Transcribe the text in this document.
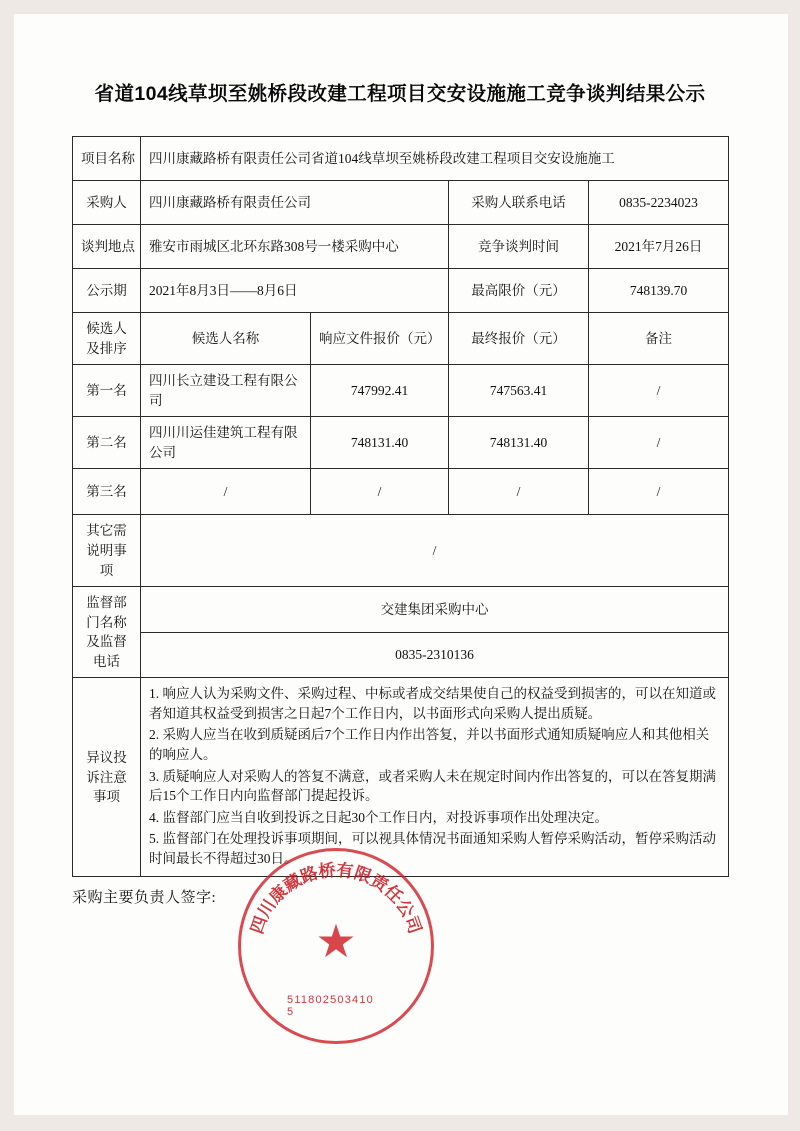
省道104线草坝至姚桥段改建工程项目交安设施施工竞争谈判结果公示
项目名称	四川康藏路桥有限责任公司省道104线草坝至姚桥段改建工程项目交安设施施工			
采购人	四川康藏路桥有限责任公司		采购人联系电话	0835-2234023
谈判地点	雅安市雨城区北环东路308号一楼采购中心		竞争谈判时间	2021年7月26日
公示期	2021年8月3日——8月6日		最高限价（元）	748139.70
候选人及排序	候选人名称	响应文件报价（元）	最终报价（元）	备注
第一名	四川长立建设工程有限公司	747992.41	747563.41	/
第二名	四川川运佳建筑工程有限公司	748131.40	748131.40	/
第三名	/	/	/	/
其它需说明事项	/			
监督部门名称及监督电话	交建集团采购中心			
	0835-2310136			
异议投诉注意事项	1. 响应人认为采购文件、采购过程、中标或者成交结果使自己的权益受到损害的，可以在知道或者知道其权益受到损害之日起7个工作日内，以书面形式向采购人提出质疑。

2. 采购人应当在收到质疑函后7个工作日内作出答复，并以书面形式通知质疑响应人和其他相关的响应人。

3. 质疑响应人对采购人的答复不满意，或者采购人未在规定时间内作出答复的，可以在答复期满后15个工作日内向监督部门提起投诉。

4. 监督部门应当自收到投诉之日起30个工作日内，对投诉事项作出处理决定。

5. 监督部门在处理投诉事项期间，可以视具体情况书面通知采购人暂停采购活动，暂停采购活动时间最长不得超过30日。			

采购主要负责人签字:
四川康藏路桥有限责任公司
★
511802503410 5
